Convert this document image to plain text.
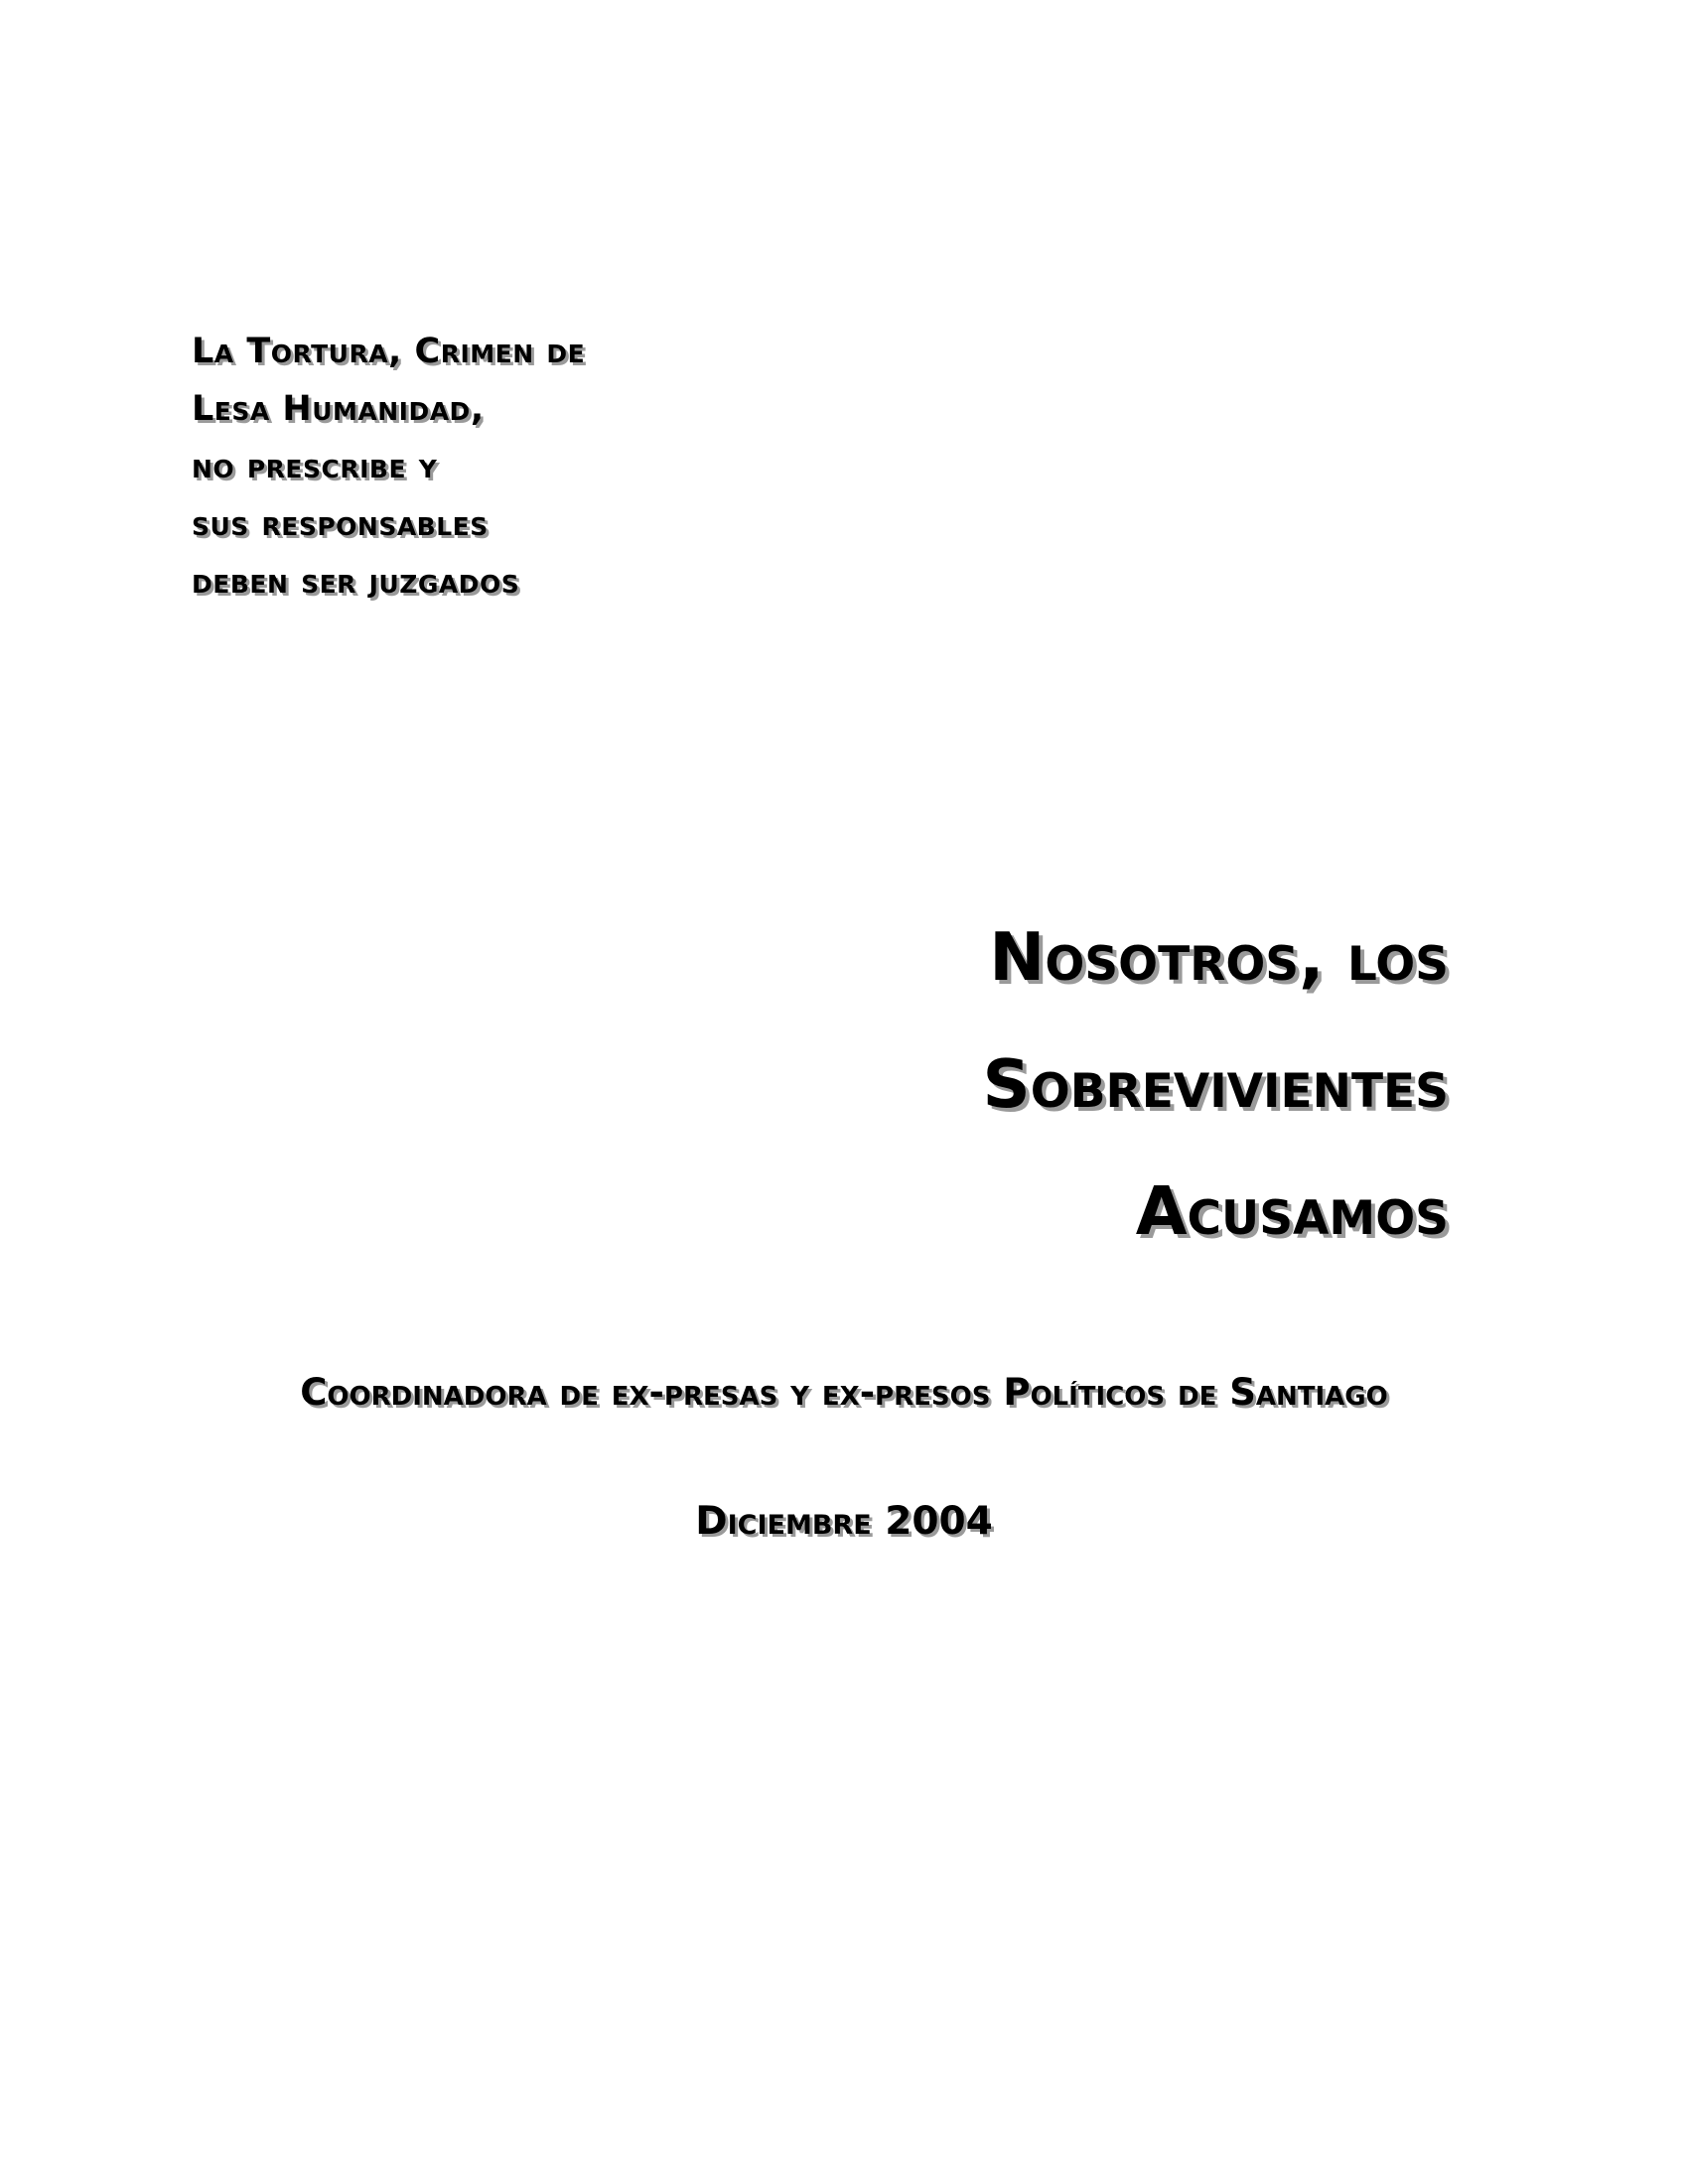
La Tortura, Crimen de
Lesa Humanidad,
no prescribe y
sus responsables
deben ser juzgados
Nosotros, los
Sobrevivientes
Acusamos
Coordinadora de ex-presas y ex-presos Políticos de Santiago
Diciembre 2004
